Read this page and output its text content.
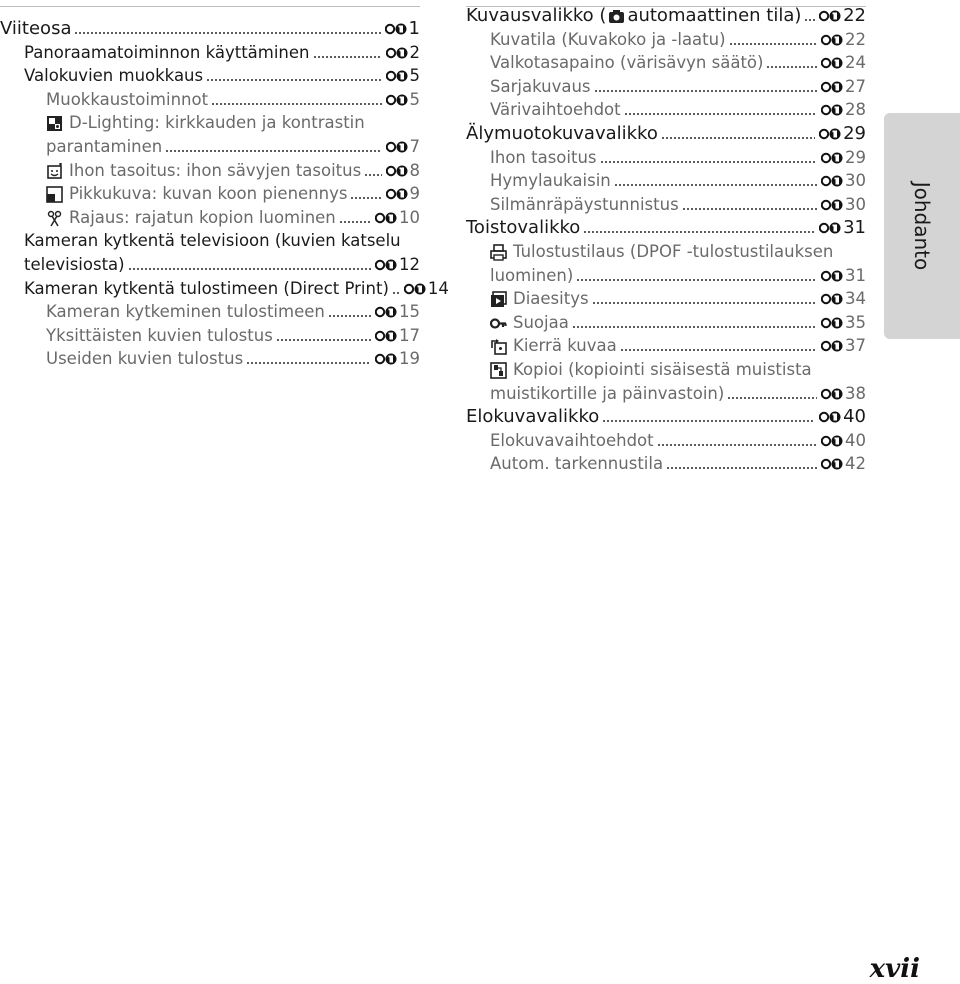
Viiteosa	1
Panoraamatoiminnon käyttäminen	2
Valokuvien muokkaus	5
Muokkaustoiminnot	5
D-Lighting: kirkkauden ja kontrastin
parantaminen	7
Ihon tasoitus: ihon sävyjen tasoitus	8
Pikkukuva: kuvan koon pienennys	9
Rajaus: rajatun kopion luominen	10
Kameran kytkentä televisioon (kuvien katselu
televisiosta)	12
Kameran kytkentä tulostimeen (Direct Print) 14
Kameran kytkeminen tulostimeen	15
Yksittäisten kuvien tulostus	17
Useiden kuvien tulostus	19
Kuvausvalikko ( automaattinen tila) 22
Kuvatila (Kuvakoko ja -laatu)	22
Valkotasapaino (värisävyn säätö)	24
Sarjakuvaus	27
Värivaihtoehdot	28
Älymuotokuvavalikko	29
Ihon tasoitus	29
Hymylaukaisin	30
Silmänräpäystunnistus	30
Toistovalikko	31
Tulostustilaus (DPOF -tulostustilauksen
luominen)	31
Diaesitys	34
Suojaa	35
Kierrä kuvaa	37
Kopioi (kopiointi sisäisestä muistista
muistikortille ja päinvastoin)	38
Elokuvavalikko	40
Elokuvavaihtoehdot	40
Autom. tarkennustila	42
Johdanto
xvii
